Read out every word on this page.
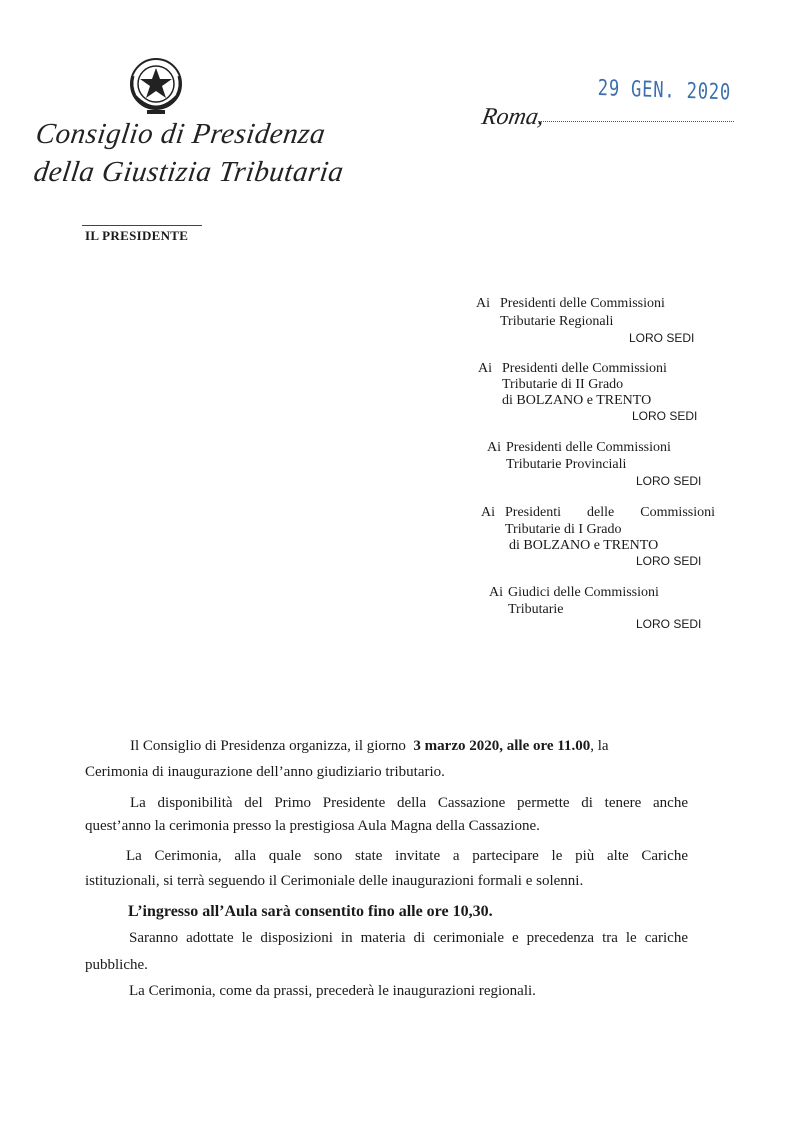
Consiglio di Presidenza
della Giustizia Tributaria
IL PRESIDENTE
29 GEN. 2020
Roma,
Ai Presidenti delle Commissioni
Tributarie Regionali
LORO SEDI
Ai Presidenti delle Commissioni
Tributarie di II Grado
di BOLZANO e TRENTO
LORO SEDI
Ai Presidenti delle Commissioni
Tributarie Provinciali
LORO SEDI
Ai Presidenti delle Commissioni
Tributarie di I Grado
di BOLZANO e TRENTO
LORO SEDI
Ai Giudici delle Commissioni
Tributarie
LORO SEDI
Il Consiglio di Presidenza organizza, il giorno 3 marzo 2020, alle ore 11.00, la
Cerimonia di inaugurazione dell’anno giudiziario tributario.
La disponibilità del Primo Presidente della Cassazione permette di tenere anche
quest’anno la cerimonia presso la prestigiosa Aula Magna della Cassazione.
La Cerimonia, alla quale sono state invitate a partecipare le più alte Cariche
istituzionali, si terrà seguendo il Cerimoniale delle inaugurazioni formali e solenni.
L’ingresso all’Aula sarà consentito fino alle ore 10,30.
Saranno adottate le disposizioni in materia di cerimoniale e precedenza tra le cariche
pubbliche.
La Cerimonia, come da prassi, precederà le inaugurazioni regionali.
